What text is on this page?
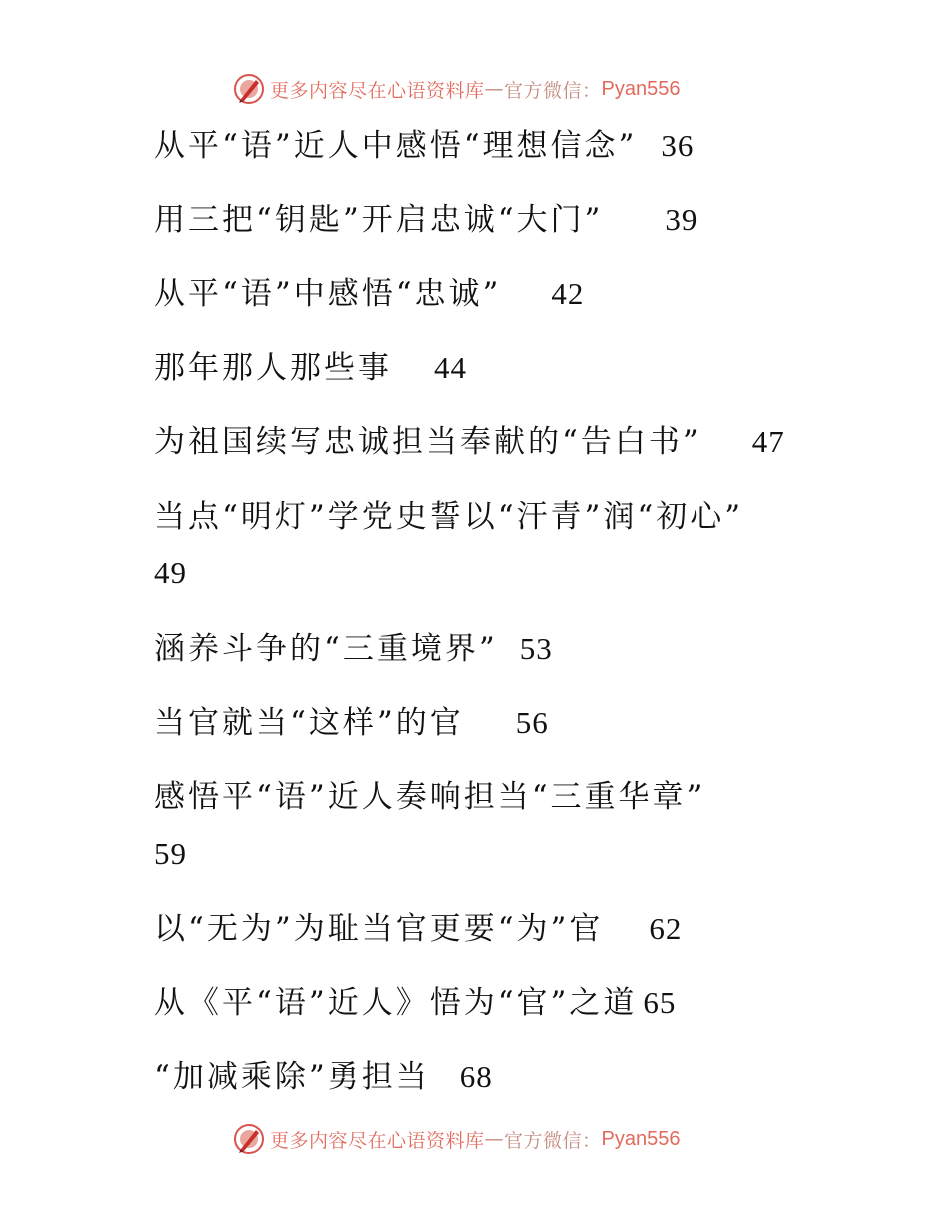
更多内容尽在心语资料库 — 官方微信： Pyan556
从平“语”近人中感悟“理想信念” 36
用三把“钥匙”开启忠诚“大门” 39
从平“语”中感悟“忠诚” 42
那年那人那些事 44
为祖国续写忠诚担当奉献的“告白书” 47
当点“明灯”学党史誓以“汗青”润“初心”
49
涵养斗争的“三重境界” 53
当官就当“这样”的官 56
感悟平“语”近人奏响担当“三重华章”
59
以“无为”为耻当官更要“为”官 62
从《平“语”近人》悟为“官”之道 65
“加减乘除”勇担当 68
更多内容尽在心语资料库 — 官方微信： Pyan556
